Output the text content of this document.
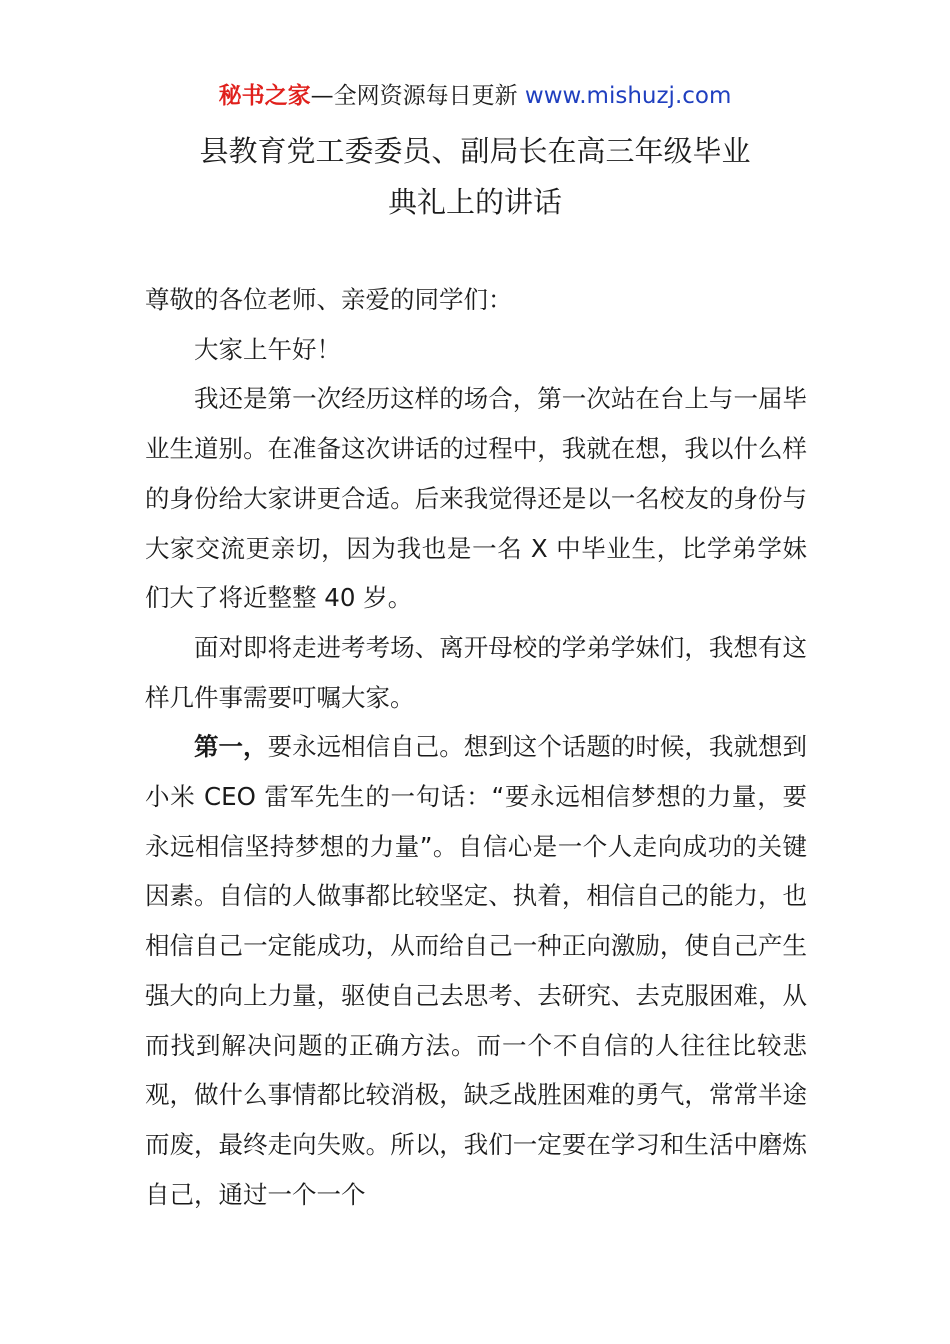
秘书之家—全网资源每日更新 www.mishuzj.com
县教育党工委委员、副局长在高三年级毕业
典礼上的讲话

尊敬的各位老师、亲爱的同学们：

大家上午好！

我还是第一次经历这样的场合，第一次站在台上与一届毕业生道别。在准备这次讲话的过程中，我就在想，我以什么样的身份给大家讲更合适。后来我觉得还是以一名校友的身份与大家交流更亲切，因为我也是一名 X 中毕业生，比学弟学妹们大了将近整整 40 岁。

面对即将走进考考场、离开母校的学弟学妹们，我想有这样几件事需要叮嘱大家。

第一，要永远相信自己。想到这个话题的时候，我就想到小米 CEO 雷军先生的一句话：“要永远相信梦想的力量，要永远相信坚持梦想的力量”。自信心是一个人走向成功的关键因素。自信的人做事都比较坚定、执着，相信自己的能力，也相信自己一定能成功，从而给自己一种正向激励，使自己产生强大的向上力量，驱使自己去思考、去研究、去克服困难，从而找到解决问题的正确方法。而一个不自信的人往往比较悲观，做什么事情都比较消极，缺乏战胜困难的勇气，常常半途而废，最终走向失败。所以，我们一定要在学习和生活中磨炼自己，通过一个一个
